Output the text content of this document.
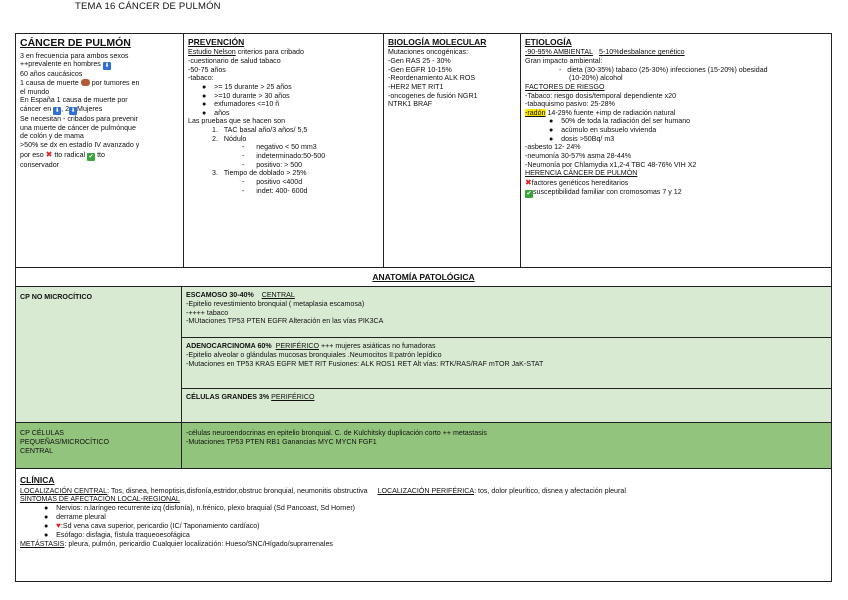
TEMA 16 CÁNCER DE PULMÓN
CÁNCER DE PULMÓN
3 en frecuencia para ambos sexos
++prevalente en hombres ⬇
60 años caucásicos
1 causa de muerte por tumores en
el mundo
En España 1 causa de muerte por
cáncer en ⬇, 2⬇Mujeres
Se necesitan - cribados para prevenir
una muerte de cáncer de pulmónque
de colón y de mama
>50% se dx en estadío IV avanzado y
por eso ✖ tto radical ✔ tto
conservador
PREVENCIÓN
Estudio Nelson criterios para cribado
-cuestionario de salud tabaco
-50-75 años
-tabaco:
●    >= 15 durante > 25 años
●    >=10 durante > 30 años
●    exfumadores <=10 ñ
●    años
Las pruebas que se hacen son
1.   TAC basal año/3 años/ 5,5
2.   Nódulo
-      negativo < 50 mm3
-      indeterminado:50-500
-      positivo: > 500
3.   Tiempo de doblado > 25%
-      positivo <400d
-      indet: 400- 600d
BIOLOGÍA MOLECULAR
Mutaciones oncogénicas:
-Gen RAS 25 - 30%
-Gen EGFR 10-15%
-Reordenamiento ALK ROS
-HER2 MET RIT1
-oncogenes de fusión NGR1
NTRK1 BRAF
ETIOLOGÍA
-90-95% AMBIENTAL 5-10%desbalance genético
Gran impacto ambiental:
-   dieta (30-35%) tabaco (25-30%) infecciones (15-20%) obesidad
(10-20%) alcohol
FACTORES DE RIESGO
-Tabaco: riesgo dosis/temporal dependiente x20
-tabaquismo pasivo: 25-28%
-radón 14-29% fuente +imp de radiación natural
●    50% de toda la radiación del ser humano
●    acúmulo en subsuelo vivienda
●    dosis >50Bq/ m3
-asbesto 12- 24%
-neumonía 30-57% asma 28-44%
-Neumonía por Chlamydia x1,2-4 TBC 48-76% VIH X2
HERENCIA CÁNCER DE PULMÓN
✖factores genéticos hereditarios
✔susceptibilidad familiar con cromosomas 7 y 12
ANATOMÍA PATOLÓGICA
CP NO MICROCÍTICO	ESCAMOSO 30-40% CENTRAL
-Epitelio revestimiento bronquial ( metaplasia escamosa)
-++++ tabaco
-MUtaciones TP53 PTEN EGFR Alteración en las vías PIK3CA
ADENOCARCINOMA 60% PERIFÉRICO +++ mujeres asiáticas no fumadoras
-Epitelio alveolar o glándulas mucosas bronquiales .Neumocitos II:patrón lepídico
-Mutaciones en TP53 KRAS EGFR MET RIT Fusiones: ALK ROS1 RET Alt vías: RTK/RAS/RAF mTOR JaK-STAT
CÉLULAS GRANDES 3% PERIFÉRICO
CP CÉLULAS
PEQUEÑAS/MICROCÍTICO
CENTRAL
-células neuroendocrinas en epitelio bronquial. C. de Kulchitsky duplicación corto ++ metastasis
-Mutaciones TP53 PTEN RB1 Ganancias MYC MYCN FGF1
CLÍNICA
LOCALIZACIÓN CENTRAL: Tos, disnea, hemoptisis,disfonía,estridor,obstruc bronquial, neumonitis obstructiva LOCALIZACIÓN PERIFÉRICA: tos, dolor pleurítico, disnea y afectación pleural
SÍNTOMAS DE AFECTACIÓN LOCAL-REGIONAL
●    Nervios: n.laríngeo recurrente izq (disfonía), n.frénico, plexo braquial (Sd Pancoast, Sd Horner)
●    derrame pleural
●    ♥:Sd vena cava superior, pericardio (IC/ Taponamiento cardíaco)
●    Esófago: disfagia, fístula traqueoesofágica
METÁSTASIS: pleura, pulmón, pericardio Cualquier localización: Hueso/SNC/Hígado/suprarrenales
